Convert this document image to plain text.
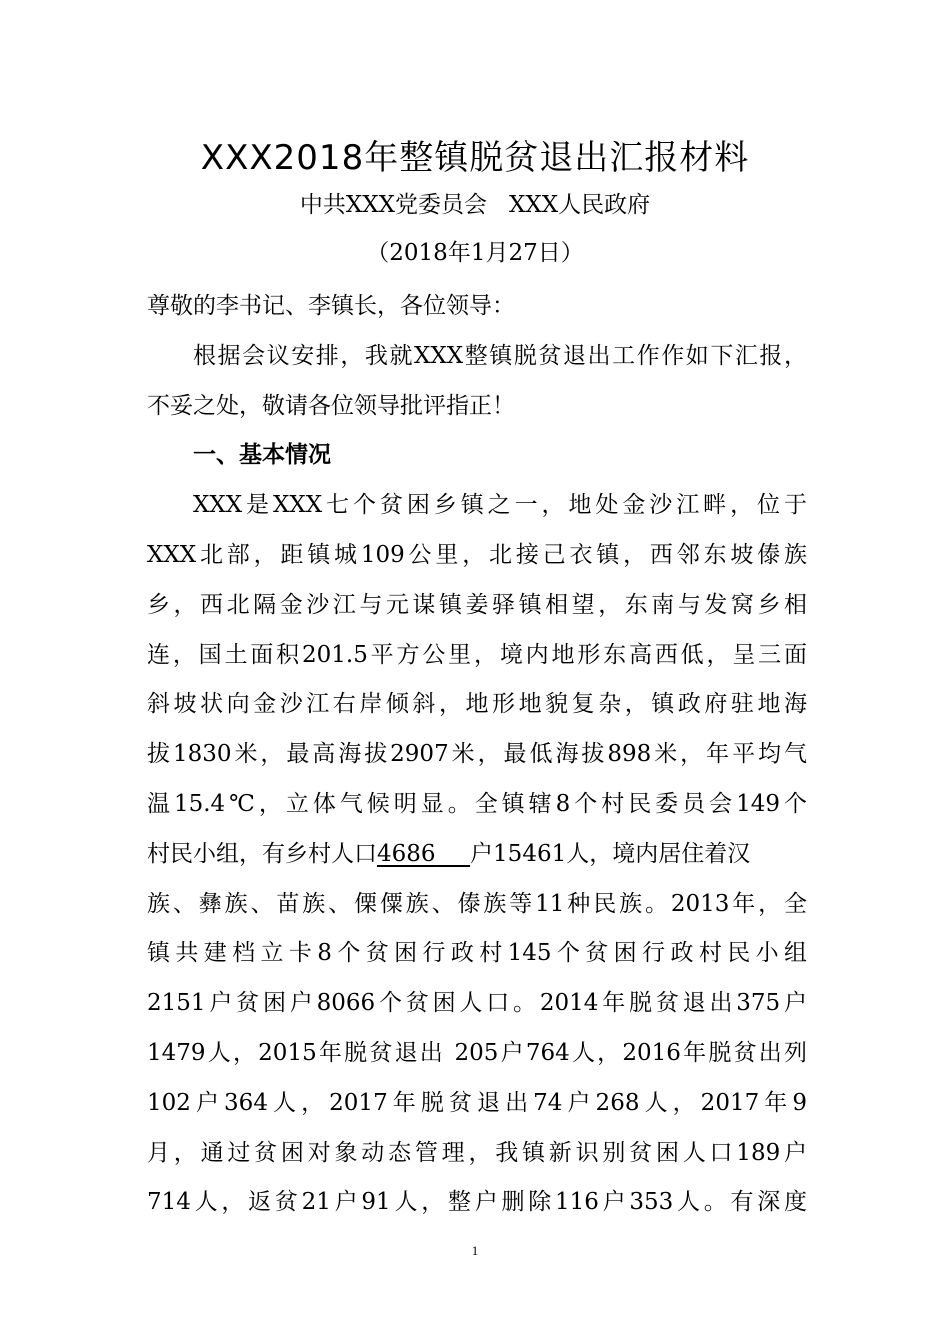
XXX2018年整镇脱贫退出汇报材料
中共XXX党委员会   XXX人民政府
（2018年1月27日）
尊敬的李书记、李镇长，各位领导：
根据会议安排，我就XXX整镇脱贫退出工作作如下汇报，
不妥之处，敬请各位领导批评指正！
一、基本情况
XXX是XXX七个贫困乡镇之一，地处金沙江畔，位于
XXX北部，距镇城109公里，北接己衣镇，西邻东坡傣族
乡，西北隔金沙江与元谋镇姜驿镇相望，东南与发窝乡相
连，国土面积201.5平方公里，境内地形东高西低，呈三面
斜坡状向金沙江右岸倾斜，地形地貌复杂，镇政府驻地海
拔1830米，最高海拔2907米，最低海拔898米，年平均气
温15.4℃，立体气候明显。全镇辖8个村民委员会149个
村民小组，有乡村人口4686    户15461人，境内居住着汉
族、彝族、苗族、傈僳族、傣族等11种民族。2013年，全
镇共建档立卡8个贫困行政村145个贫困行政村民小组
2151户贫困户8066个贫困人口。2014年脱贫退出375户
1479人，2015年脱贫退出 205户764人，2016年脱贫出列
102户364人，2017年脱贫退出74户268人，2017年9
月，通过贫困对象动态管理，我镇新识别贫困人口189户
714人，返贫21户91人，整户删除116户353人。有深度
1
